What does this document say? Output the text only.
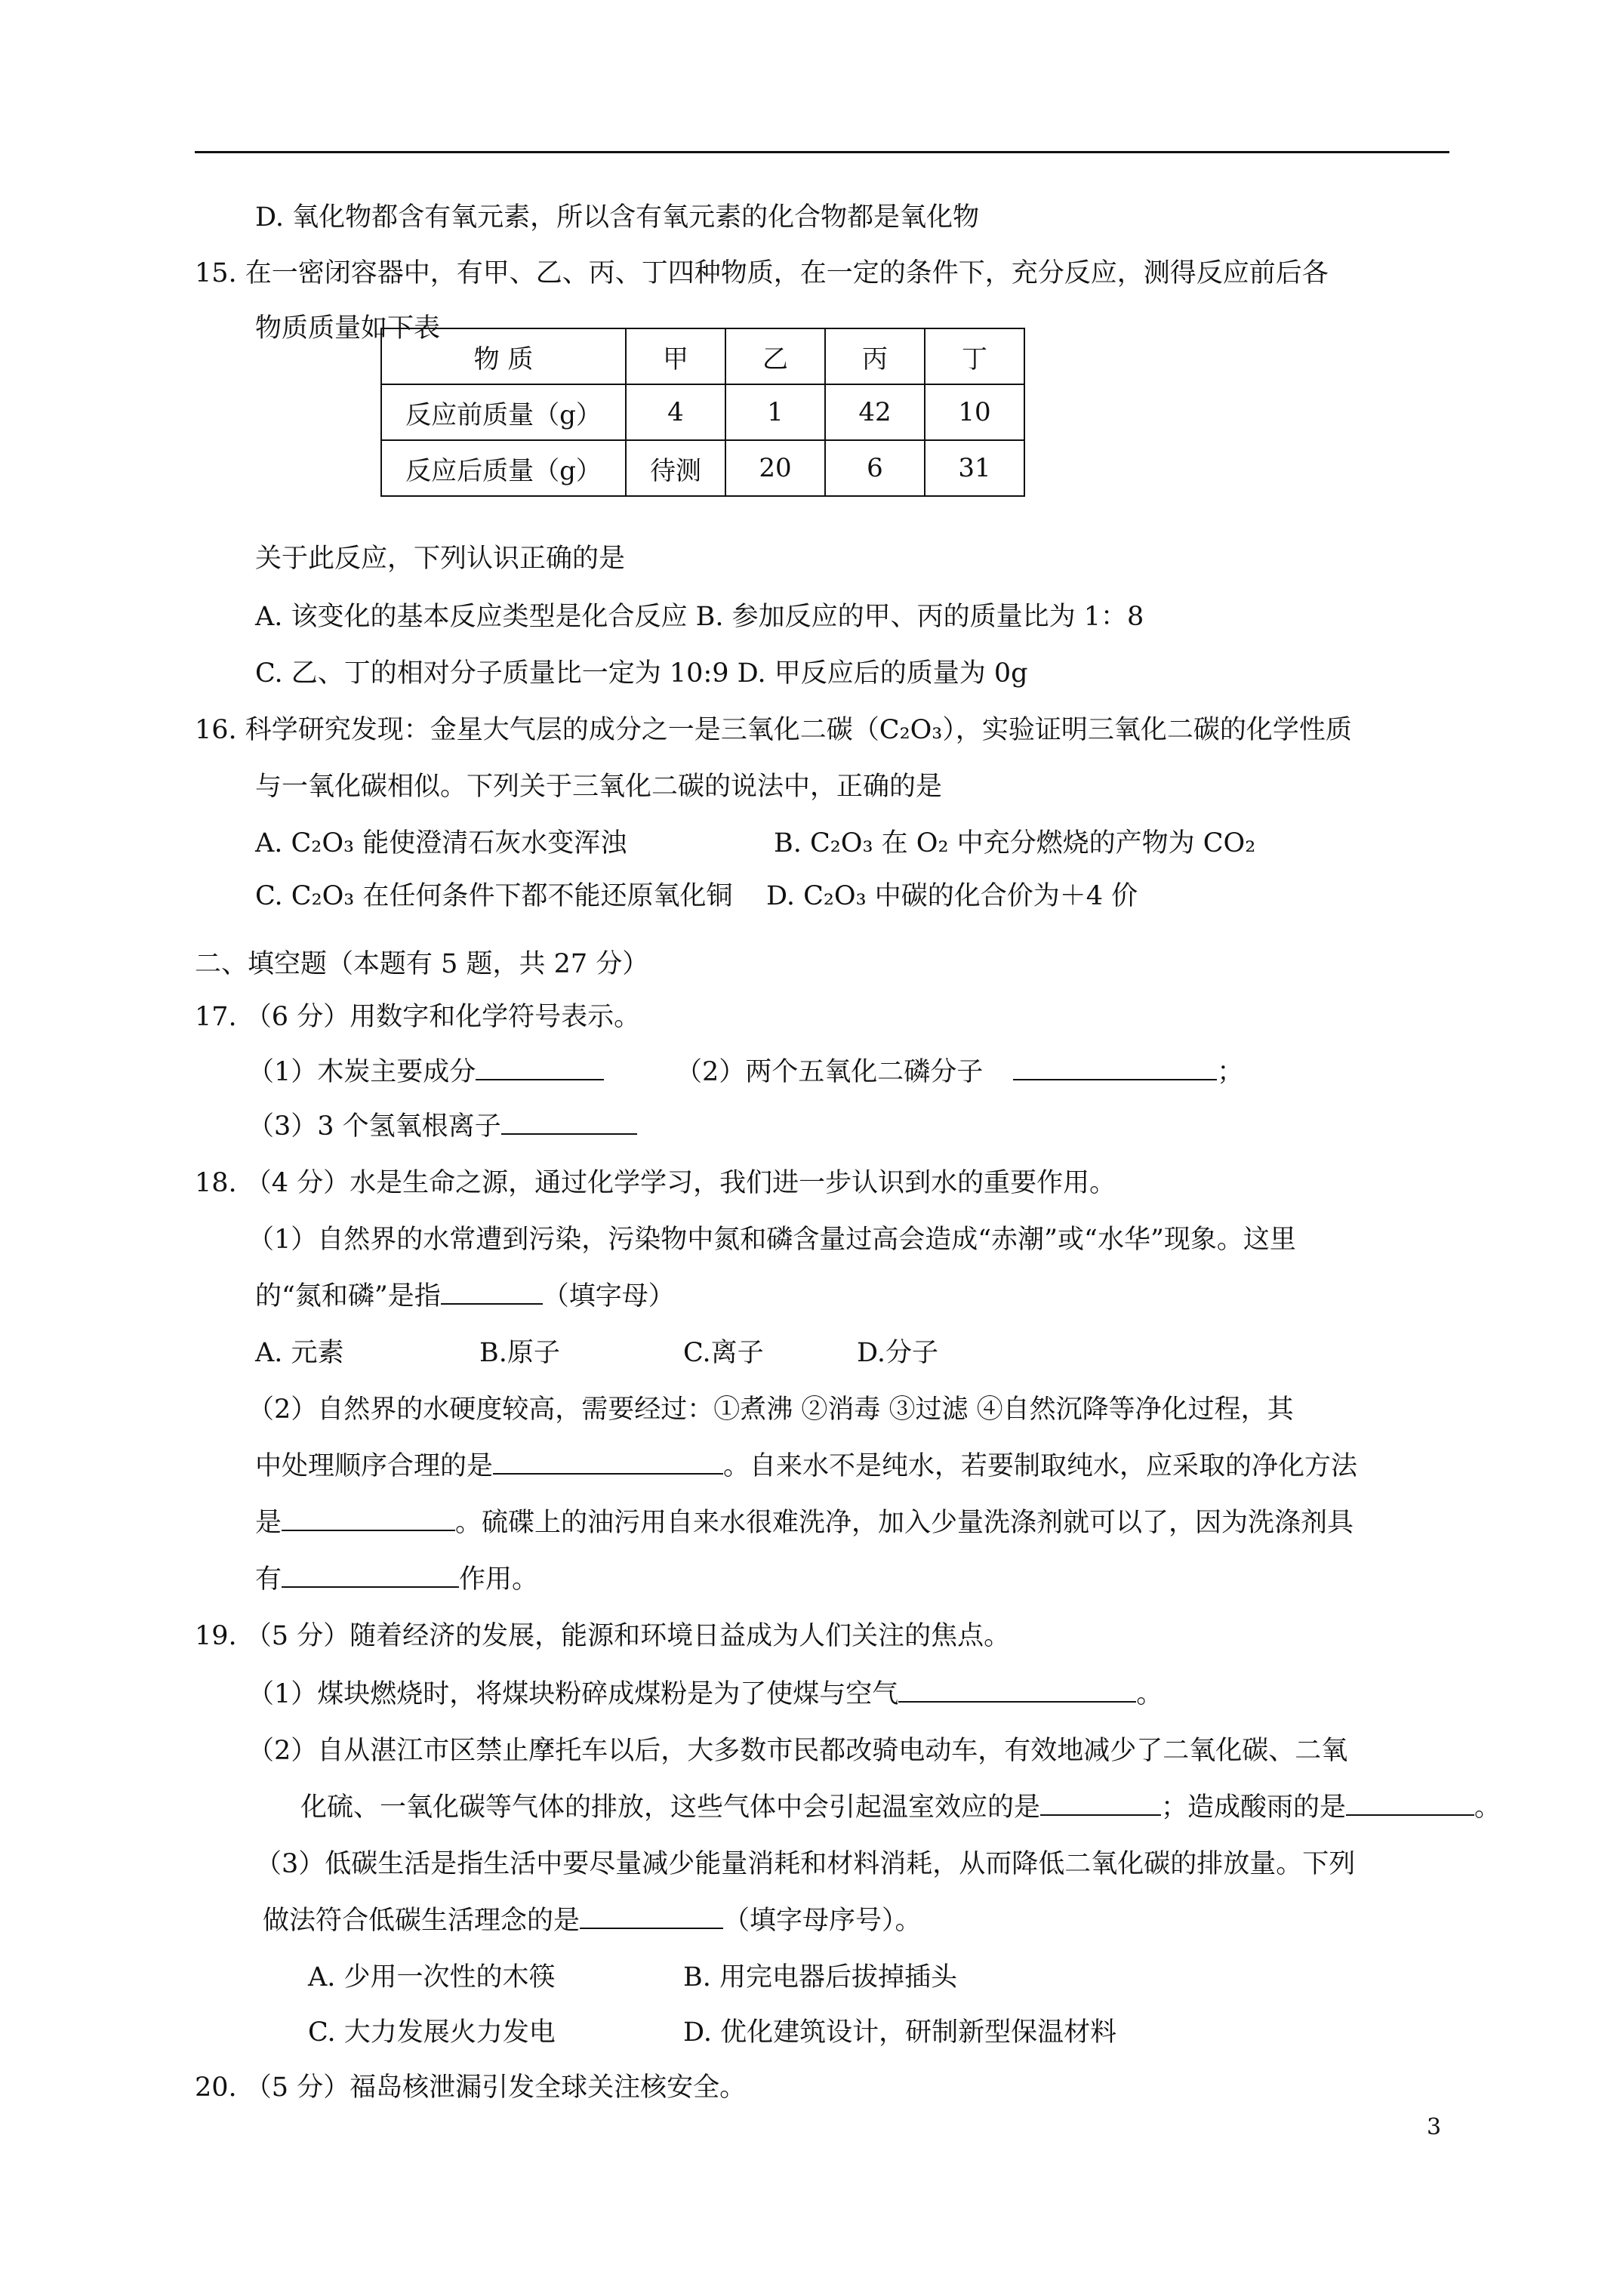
D. 氧化物都含有氧元素，所以含有氧元素的化合物都是氧化物
15. 在一密闭容器中，有甲、乙、丙、丁四种物质，在一定的条件下，充分反应，测得反应前后各
物质质量如下表
物 质	甲	乙	丙	丁
反应前质量（g）	4	1	42	10
反应后质量（g）	待测	20	6	31
关于此反应，下列认识正确的是
A. 该变化的基本反应类型是化合反应 B. 参加反应的甲、丙的质量比为 1：8
C. 乙、丁的相对分子质量比一定为 10:9 D. 甲反应后的质量为 0g
16. 科学研究发现：金星大气层的成分之一是三氧化二碳（C₂O₃），实验证明三氧化二碳的化学性质
与一氧化碳相似。下列关于三氧化二碳的说法中，正确的是
A. C₂O₃ 能使澄清石灰水变浑浊	B. C₂O₃ 在 O₂ 中充分燃烧的产物为 CO₂
C. C₂O₃ 在任何条件下都不能还原氧化铜 D. C₂O₃ 中碳的化合价为＋4 价
二、填空题（本题有 5 题，共 27 分）
17. （6 分）用数字和化学符号表示。
（1）木炭主要成分	（2）两个五氧化二磷分子	；
（3）3 个氢氧根离子
18. （4 分）水是生命之源，通过化学学习，我们进一步认识到水的重要作用。
（1）自然界的水常遭到污染，污染物中氮和磷含量过高会造成“赤潮”或“水华”现象。这里
的“氮和磷”是指	（填字母）
A. 元素	B.原子	C.离子	D.分子
（2）自然界的水硬度较高，需要经过：①煮沸 ②消毒 ③过滤 ④自然沉降等净化过程，其
中处理顺序合理的是	。自来水不是纯水，若要制取纯水，应采取的净化方法
是	。硫碟上的油污用自来水很难洗净，加入少量洗涤剂就可以了，因为洗涤剂具
有	作用。
19. （5 分）随着经济的发展，能源和环境日益成为人们关注的焦点。
（1）煤块燃烧时，将煤块粉碎成煤粉是为了使煤与空气	。
（2）自从湛江市区禁止摩托车以后，大多数市民都改骑电动车，有效地减少了二氧化碳、二氧
化硫、一氧化碳等气体的排放，这些气体中会引起温室效应的是	；造成酸雨的是	。
（3）低碳生活是指生活中要尽量减少能量消耗和材料消耗，从而降低二氧化碳的排放量。下列
做法符合低碳生活理念的是	（填字母序号）。
A. 少用一次性的木筷	B. 用完电器后拔掉插头
C. 大力发展火力发电	D. 优化建筑设计，研制新型保温材料
20. （5 分）福岛核泄漏引发全球关注核安全。
3
